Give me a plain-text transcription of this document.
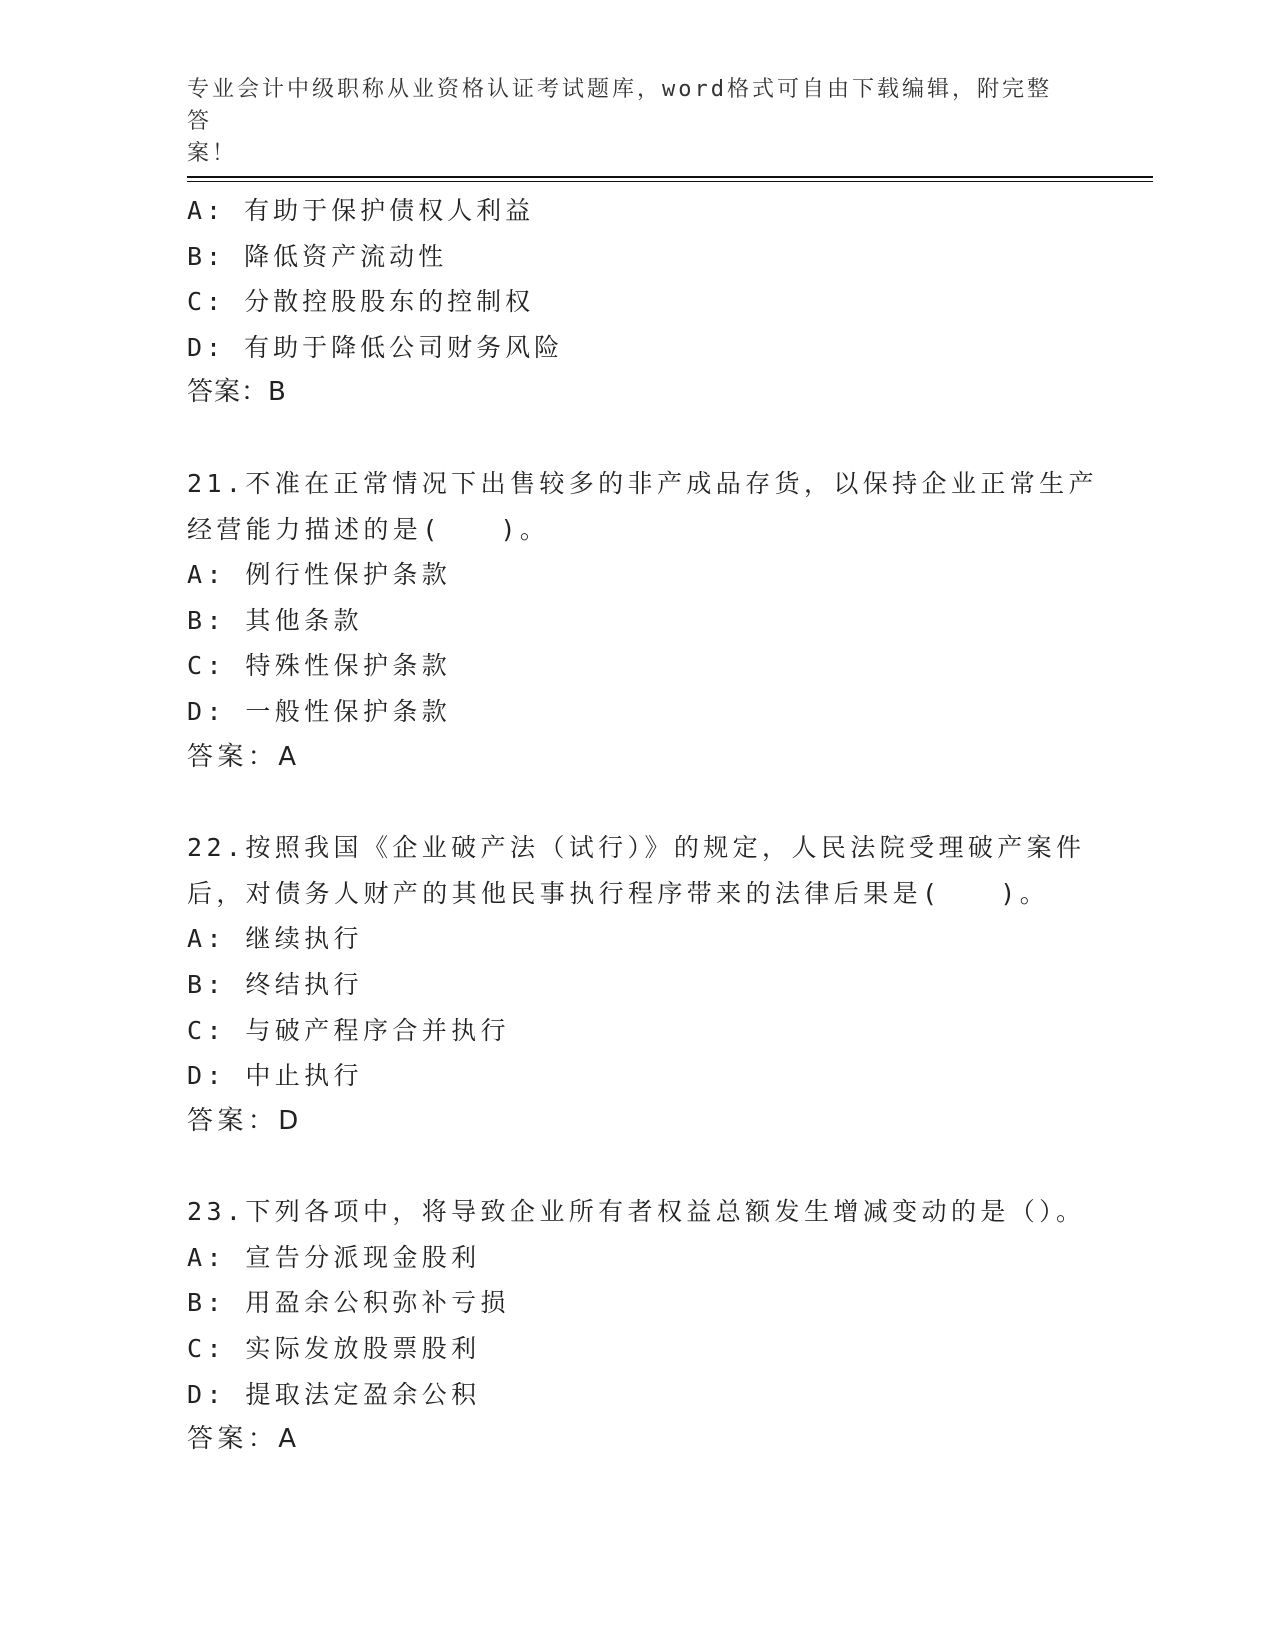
专业会计中级职称从业资格认证考试题库，word格式可自由下载编辑，附完整答
案！
A: 有助于保护债权人利益
B: 降低资产流动性
C: 分散控股股东的控制权
D: 有助于降低公司财务风险
答案：B
21.不准在正常情况下出售较多的非产成品存货，以保持企业正常生产
经营能力描述的是(　　)。
A: 例行性保护条款
B: 其他条款
C: 特殊性保护条款
D: 一般性保护条款
答案：A
22.按照我国《企业破产法（试行）》的规定，人民法院受理破产案件
后，对债务人财产的其他民事执行程序带来的法律后果是(　　)。
A: 继续执行
B: 终结执行
C: 与破产程序合并执行
D: 中止执行
答案：D
23.下列各项中，将导致企业所有者权益总额发生增减变动的是（）。
A: 宣告分派现金股利
B: 用盈余公积弥补亏损
C: 实际发放股票股利
D: 提取法定盈余公积
答案：A
